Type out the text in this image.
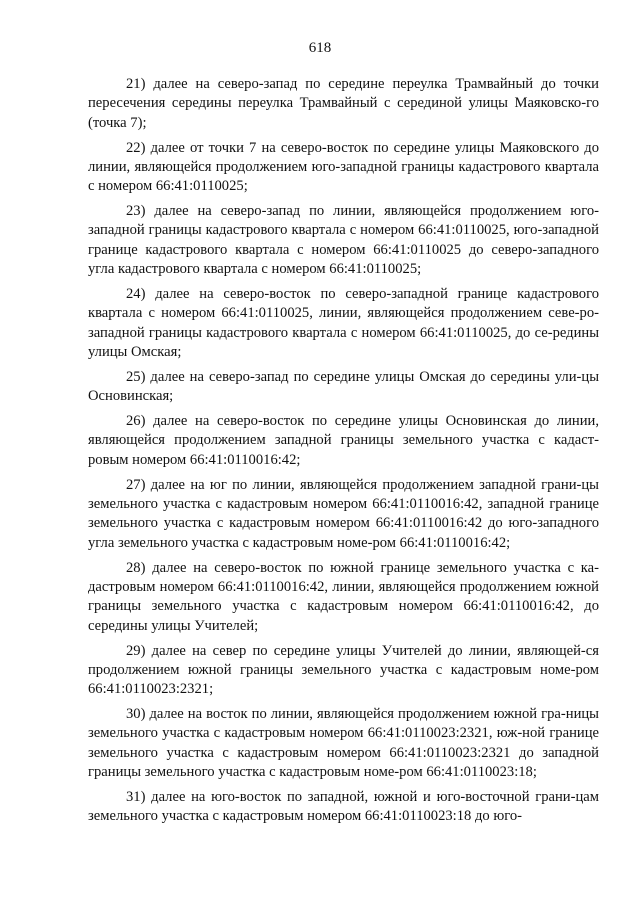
618

21) далее на северо-запад по середине переулка Трамвайный до точки пересечения середины переулка Трамвайный с серединой улицы Маяковско-го (точка 7);

22) далее от точки 7 на северо-восток по середине улицы Маяковского до линии, являющейся продолжением юго-западной границы кадастрового квартала с номером 66:41:0110025;

23) далее на северо-запад по линии, являющейся продолжением юго-западной границы кадастрового квартала с номером 66:41:0110025, юго-западной границе кадастрового квартала с номером 66:41:0110025 до северо-западного угла кадастрового квартала с номером 66:41:0110025;

24) далее на северо-восток по северо-западной границе кадастрового квартала с номером 66:41:0110025, линии, являющейся продолжением севе-ро-западной границы кадастрового квартала с номером 66:41:0110025, до се-редины улицы Омская;

25) далее на северо-запад по середине улицы Омская до середины ули-цы Основинская;

26) далее на северо-восток по середине улицы Основинская до линии, являющейся продолжением западной границы земельного участка с кадаст-ровым номером 66:41:0110016:42;

27) далее на юг по линии, являющейся продолжением западной грани-цы земельного участка с кадастровым номером 66:41:0110016:42, западной границе земельного участка с кадастровым номером 66:41:0110016:42 до юго-западного угла земельного участка с кадастровым номе-ром 66:41:0110016:42;

28) далее на северо-восток по южной границе земельного участка с ка-дастровым номером 66:41:0110016:42, линии, являющейся продолжением южной границы земельного участка с кадастровым номером 66:41:0110016:42, до середины улицы Учителей;

29) далее на север по середине улицы Учителей до линии, являющей-ся продолжением южной границы земельного участка с кадастровым номе-ром 66:41:0110023:2321;

30) далее на восток по линии, являющейся продолжением южной гра-ницы земельного участка с кадастровым номером 66:41:0110023:2321, юж-ной границе земельного участка с кадастровым номером 66:41:0110023:2321 до западной границы земельного участка с кадастровым номе-ром 66:41:0110023:18;

31) далее на юго-восток по западной, южной и юго-восточной грани-цам земельного участка с кадастровым номером 66:41:0110023:18 до юго-
